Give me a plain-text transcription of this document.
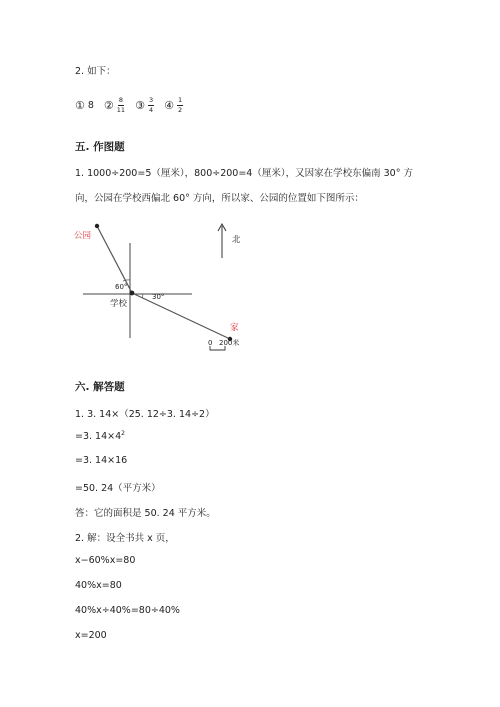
2. 如下：
① 8 ② $\frac{8}{11}$ ③ $\frac{3}{4}$ ④ $\frac{1}{2}$
五. 作图题
1. 1000÷200=5（厘米），800÷200=4（厘米），又因家在学校东偏南 30° 方
向，公园在学校西偏北 60° 方向，所以家、公园的位置如下图所示：
公园
学校
家
60°
30°
北
0 200米
六. 解答题
1. 3. 14×（25. 12÷3. 14÷2）
=3. $14\times 4^2$
=3. 14×16
=50. 24（平方米）
答：它的面积是 50. 24 平方米。
2. 解：设全书共 x 页，
x−60%x=80
40%x=80
40%x÷40%=80÷40%
x=200
